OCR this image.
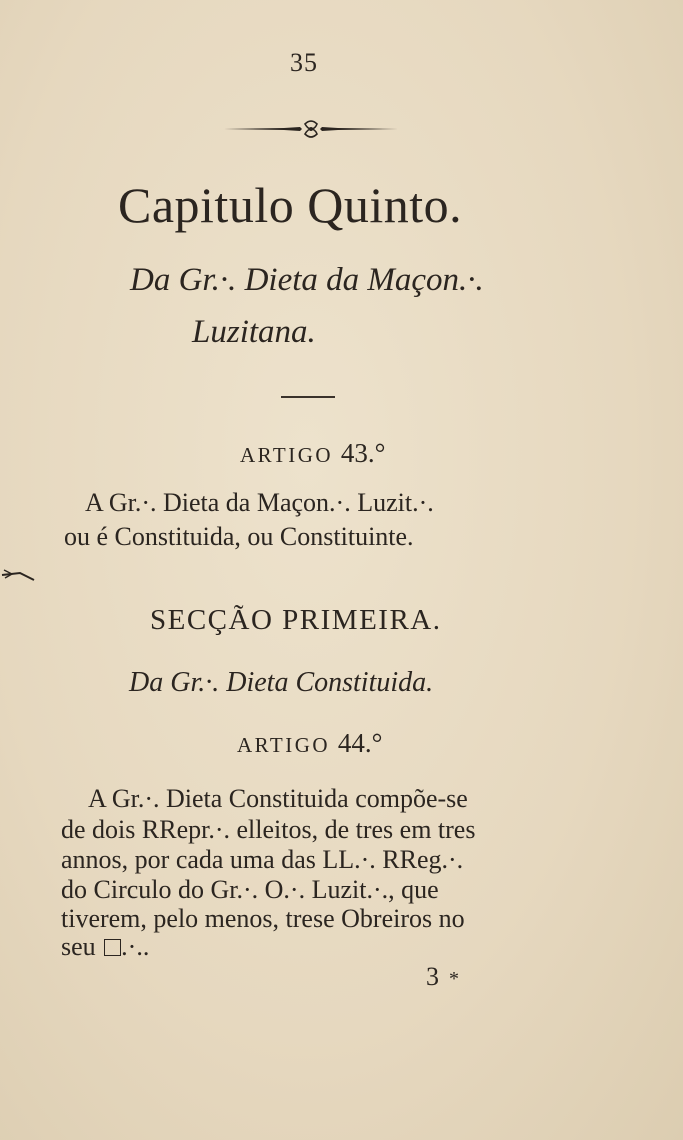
35
Capitulo Quinto.
Da Gr.·. Dieta da Maçon.·.
Luzitana.
ARTIGO 43.°
A Gr.·. Dieta da Maçon.·. Luzit.·.
ou é Constituida, ou Constituinte.
SECÇÃO PRIMEIRA.
Da Gr.·. Dieta Constituida.
ARTIGO 44.°
A Gr.·. Dieta Constituida compõe-se
de dois RRepr.·. elleitos, de tres em tres
annos, por cada uma das LL.·. RReg.·.
do Circulo do Gr.·. O.·. Luzit.·., que
tiverem, pelo menos, trese Obreiros no
seu .·..
3 *
